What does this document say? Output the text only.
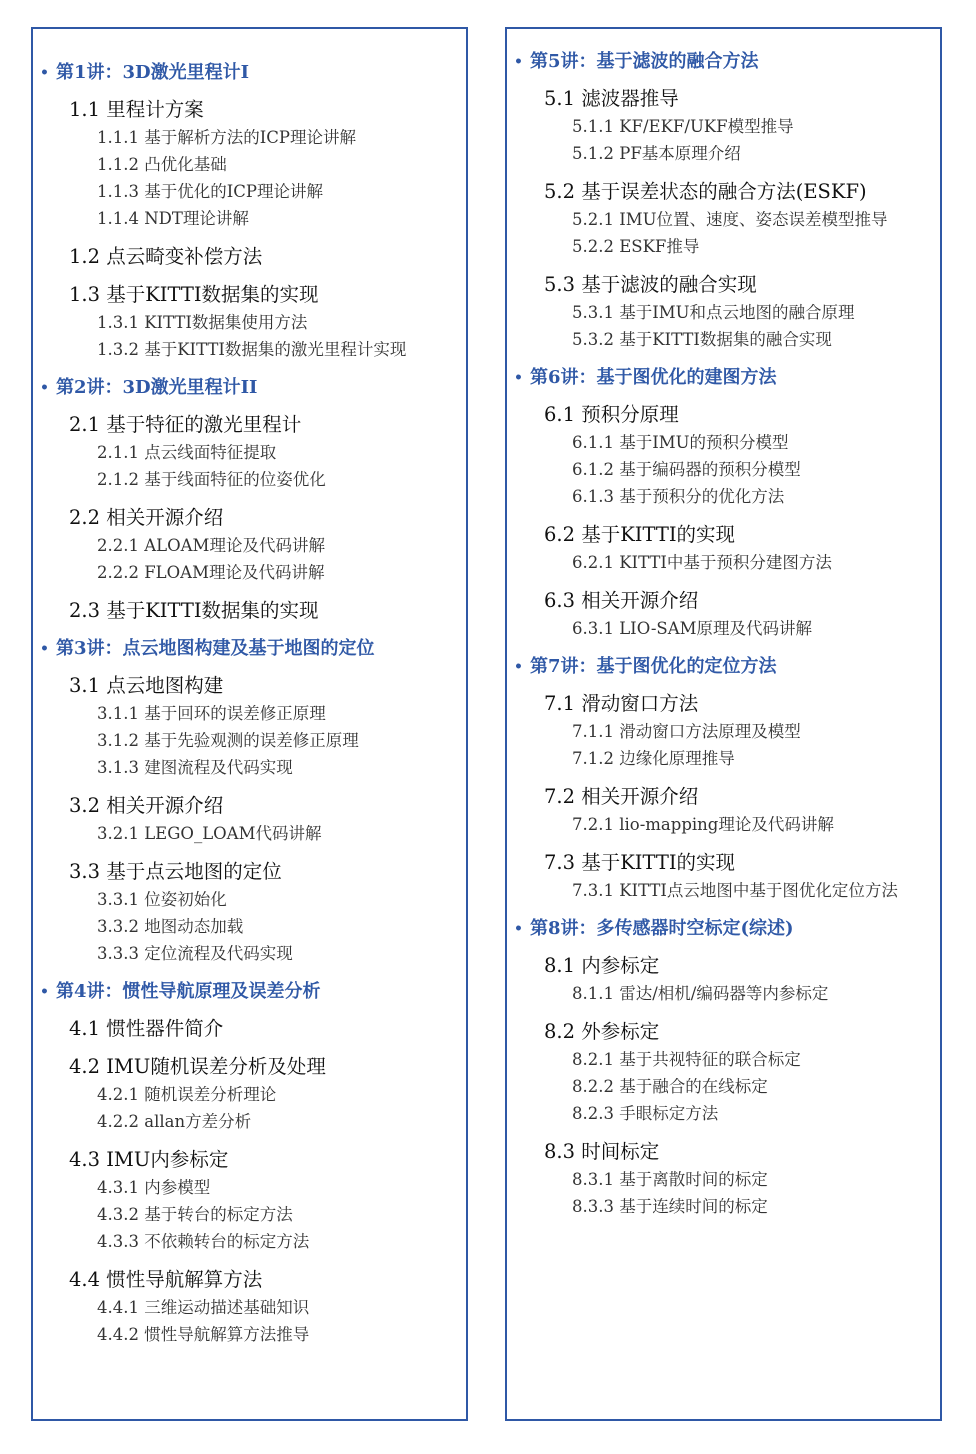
• 第1讲：3D激光里程计I
1.1 里程计方案
1.1.1 基于解析方法的ICP理论讲解
1.1.2 凸优化基础
1.1.3 基于优化的ICP理论讲解
1.1.4 NDT理论讲解
1.2 点云畸变补偿方法
1.3 基于KITTI数据集的实现
1.3.1 KITTI数据集使用方法
1.3.2 基于KITTI数据集的激光里程计实现
• 第2讲：3D激光里程计II
2.1 基于特征的激光里程计
2.1.1 点云线面特征提取
2.1.2 基于线面特征的位姿优化
2.2 相关开源介绍
2.2.1 ALOAM理论及代码讲解
2.2.2 FLOAM理论及代码讲解
2.3 基于KITTI数据集的实现
• 第3讲：点云地图构建及基于地图的定位
3.1 点云地图构建
3.1.1 基于回环的误差修正原理
3.1.2 基于先验观测的误差修正原理
3.1.3 建图流程及代码实现
3.2 相关开源介绍
3.2.1 LEGO_LOAM代码讲解
3.3 基于点云地图的定位
3.3.1 位姿初始化
3.3.2 地图动态加载
3.3.3 定位流程及代码实现
• 第4讲：惯性导航原理及误差分析
4.1 惯性器件简介
4.2 IMU随机误差分析及处理
4.2.1 随机误差分析理论
4.2.2 allan方差分析
4.3 IMU内参标定
4.3.1 内参模型
4.3.2 基于转台的标定方法
4.3.3 不依赖转台的标定方法
4.4 惯性导航解算方法
4.4.1 三维运动描述基础知识
4.4.2 惯性导航解算方法推导
• 第5讲：基于滤波的融合方法
5.1 滤波器推导
5.1.1 KF/EKF/UKF模型推导
5.1.2 PF基本原理介绍
5.2 基于误差状态的融合方法(ESKF)
5.2.1 IMU位置、速度、姿态误差模型推导
5.2.2 ESKF推导
5.3 基于滤波的融合实现
5.3.1 基于IMU和点云地图的融合原理
5.3.2 基于KITTI数据集的融合实现
• 第6讲：基于图优化的建图方法
6.1 预积分原理
6.1.1 基于IMU的预积分模型
6.1.2 基于编码器的预积分模型
6.1.3 基于预积分的优化方法
6.2 基于KITTI的实现
6.2.1 KITTI中基于预积分建图方法
6.3 相关开源介绍
6.3.1 LIO-SAM原理及代码讲解
• 第7讲：基于图优化的定位方法
7.1 滑动窗口方法
7.1.1 滑动窗口方法原理及模型
7.1.2 边缘化原理推导
7.2 相关开源介绍
7.2.1 lio-mapping理论及代码讲解
7.3 基于KITTI的实现
7.3.1 KITTI点云地图中基于图优化定位方法
• 第8讲：多传感器时空标定(综述)
8.1 内参标定
8.1.1 雷达/相机/编码器等内参标定
8.2 外参标定
8.2.1 基于共视特征的联合标定
8.2.2 基于融合的在线标定
8.2.3 手眼标定方法
8.3 时间标定
8.3.1 基于离散时间的标定
8.3.3 基于连续时间的标定
